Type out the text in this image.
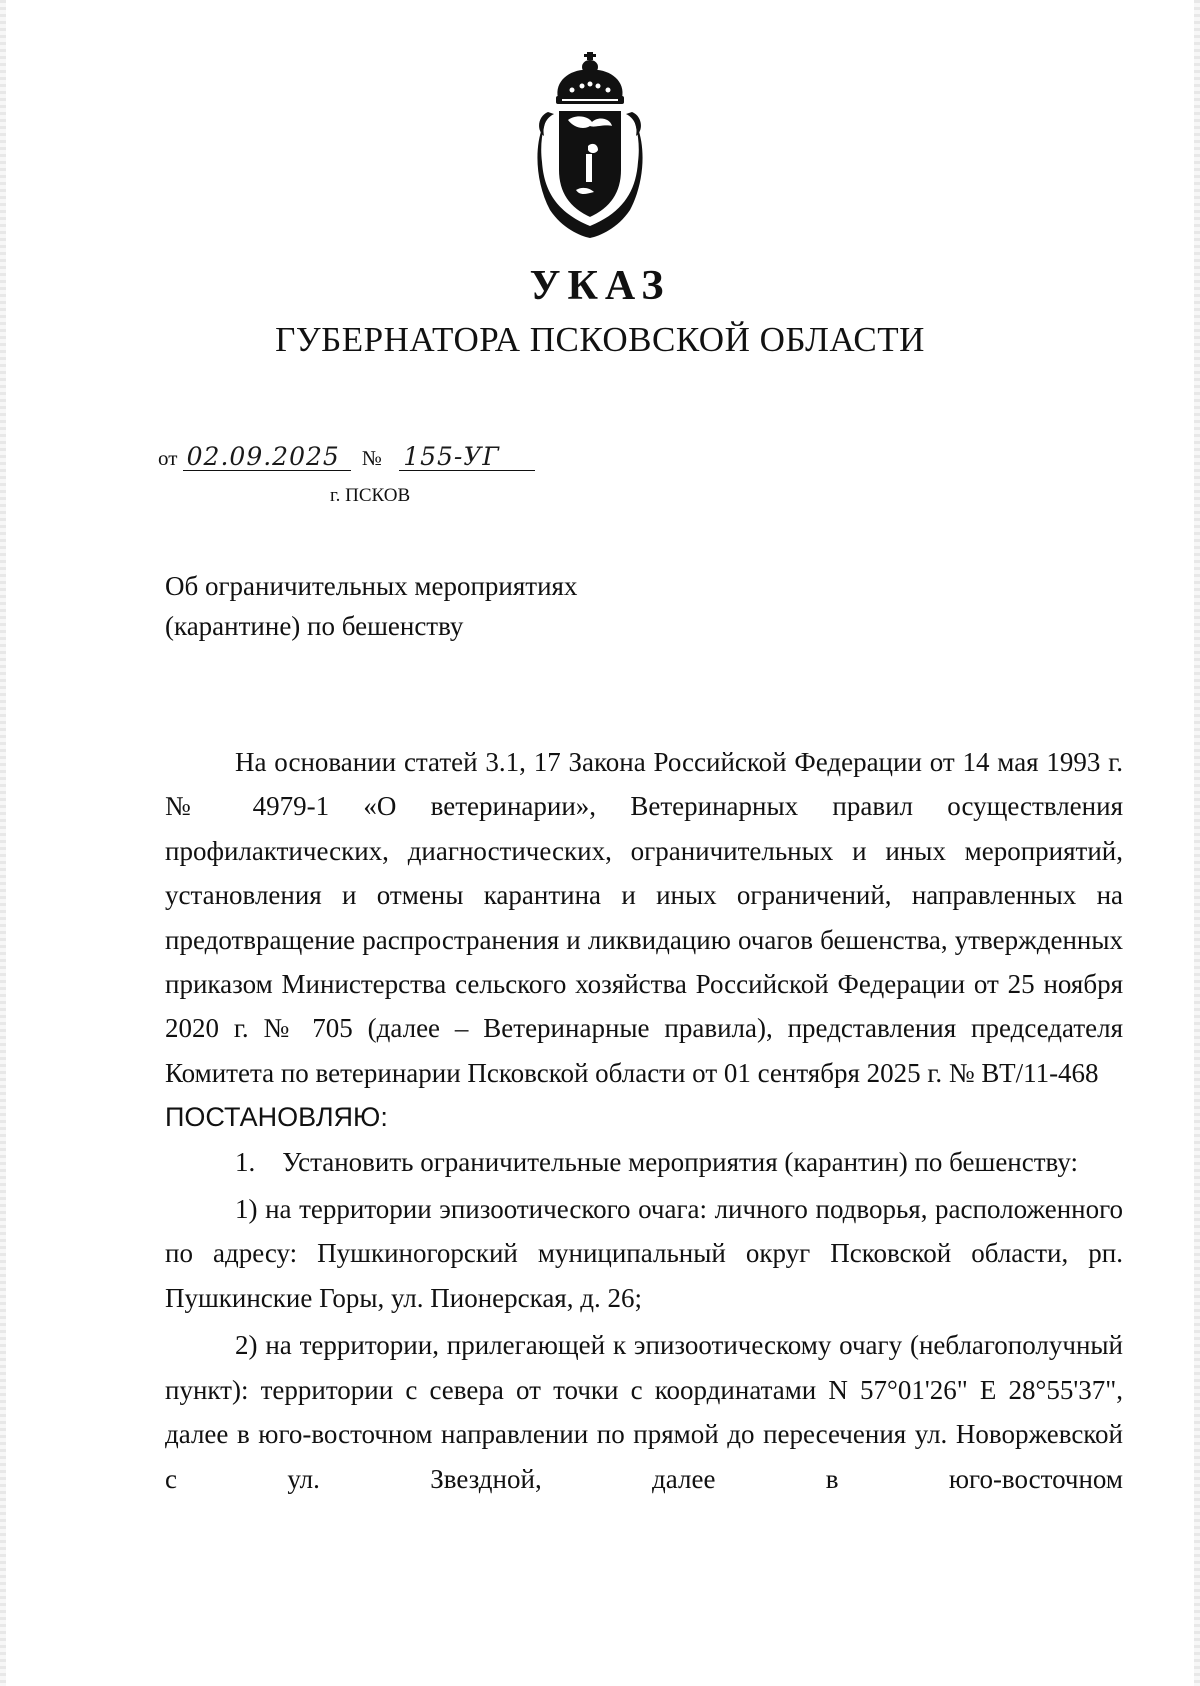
УКАЗ
ГУБЕРНАТОРА ПСКОВСКОЙ ОБЛАСТИ
от 02.09.2025 № 155-УГ
г. ПСКОВ
Об ограничительных мероприятиях
(карантине) по бешенству

На основании статей 3.1, 17 Закона Российской Федерации от 14 мая 1993 г. № 4979-1 «О ветеринарии», Ветеринарных правил осуществления профилактических, диагностических, ограничительных и иных мероприятий, установления и отмены карантина и иных ограничений, направленных на предотвращение распространения и ликвидацию очагов бешенства, утвержденных приказом Министерства сельского хозяйства Российской Федерации от 25 ноября 2020 г. № 705 (далее – Ветеринарные правила), представления председателя Комитета по ветеринарии Псковской области от 01 сентября 2025 г. № ВТ/11-468

ПОСТАНОВЛЯЮ:

1.    Установить ограничительные мероприятия (карантин) по бешенству:

1) на территории эпизоотического очага: личного подворья, расположенного по адресу: Пушкиногорский муниципальный округ Псковской области, рп. Пушкинские Горы, ул. Пионерская, д. 26;

2) на территории, прилегающей к эпизоотическому очагу (неблагополучный пункт): территории с севера от точки с координатами N 57°01'26" E 28°55'37", далее в юго-восточном направлении по прямой до пересечения ул. Новоржевской с ул. Звездной, далее в юго-восточном
